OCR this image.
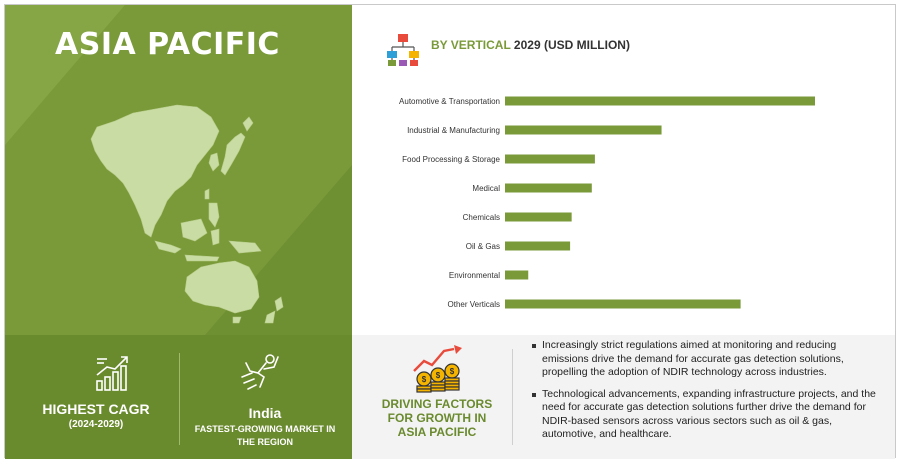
ASIA PACIFIC
HIGHEST CAGR
(2024-2029)
India
FASTEST-GROWING MARKET IN THE REGION
BY VERTICAL 2029 (USD MILLION)
Automotive & Transportation
Industrial & Manufacturing
Food Processing & Storage
Medical
Chemicals
Oil & Gas
Environmental
Other Verticals
$ $ $
DRIVING FACTORS FOR GROWTH IN ASIA PACIFIC
Increasingly strict regulations aimed at monitoring and reducing emissions drive the demand for accurate gas detection solutions, propelling the adoption of NDIR technology across industries.
Technological advancements, expanding infrastructure projects, and the need for accurate gas detection solutions further drive the demand for NDIR-based sensors across various sectors such as oil & gas, automotive, and healthcare.
